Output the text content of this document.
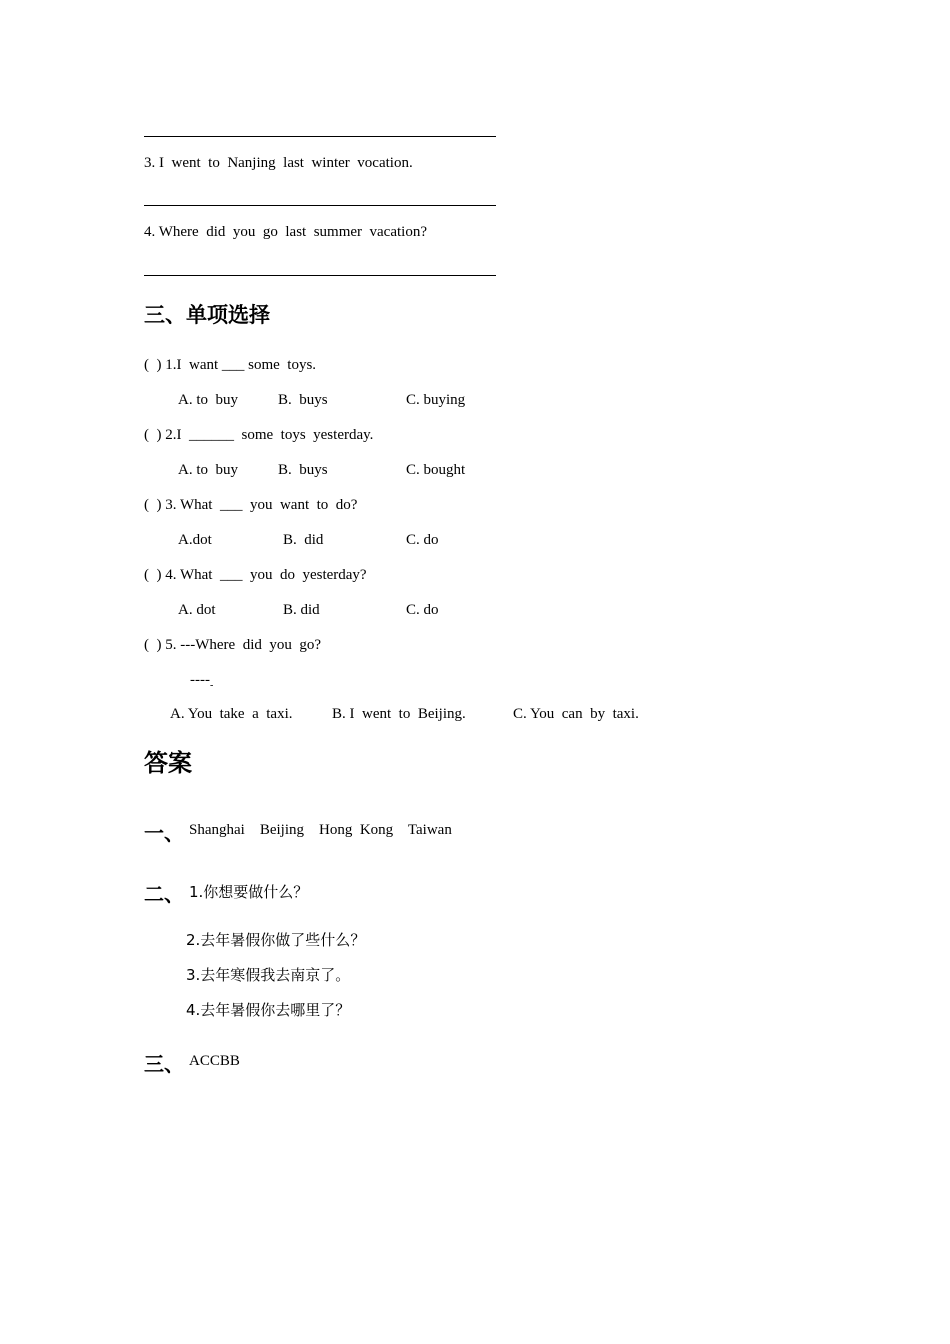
3. I  went  to  Nanjing  last  winter  vocation.
4. Where  did  you  go  last  summer  vacation?
三、单项选择
(  ) 1.I  want ___ some  toys.
A. to  buy	B.  buys	C. buying
(  ) 2.I  ______  some  toys  yesterday.
A. to  buy	B.  buys	C. bought
(  ) 3. What  ___  you  want  to  do?
A.dot	B.  did	C. do
(  ) 4. What  ___  you  do  yesterday?
A. dot	B. did	C. do
(  ) 5. ---Where  did  you  go?
$----_-$
A. You  take  a  taxi.	B. I  went  to  Beijing.	C. You  can  by  taxi.
答案
一、 Shanghai    Beijing    Hong  Kong    Taiwan
二、 1.你想要做什么？
2.去年暑假你做了些什么？
3.去年寒假我去南京了。
4.去年暑假你去哪里了？
三、 ACCBB
